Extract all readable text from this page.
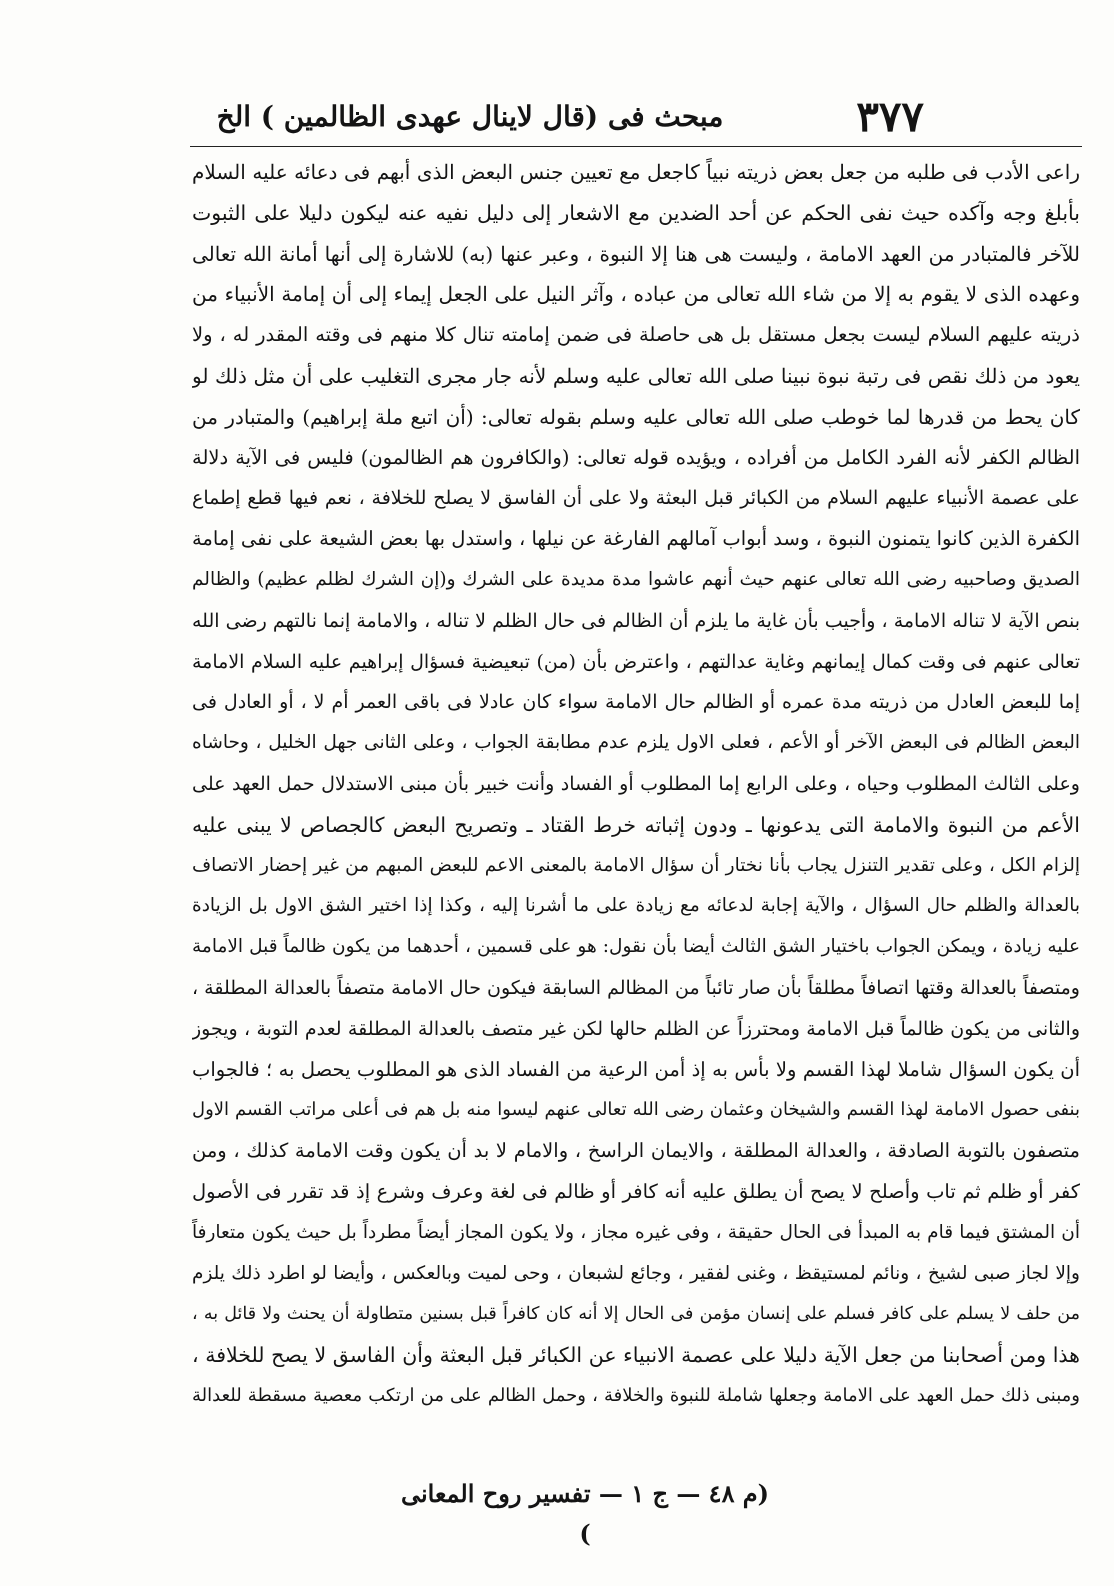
٣٧٧
مبحث فى (قال لاينال عهدى الظالمين ) الخ
راعى الأدب فى طلبه من جعل بعض ذريته نبياً كاجعل مع تعيين جنس البعض الذى أبهم فى دعائه عليه السلام
بأبلغ وجه وآكده حيث نفى الحكم عن أحد الضدين مع الاشعار إلى دليل نفيه عنه ليكون دليلا على الثبوت
للآخر فالمتبادر من العهد الامامة ، وليست هى هنا إلا النبوة ، وعبر عنها (به) للاشارة إلى أنها أمانة الله تعالى
وعهده الذى لا يقوم به إلا من شاء الله تعالى من عباده ، وآثر النيل على الجعل إيماء إلى أن إمامة الأنبياء من
ذريته عليهم السلام ليست بجعل مستقل بل هى حاصلة فى ضمن إمامته تنال كلا منهم فى وقته المقدر له ، ولا
يعود من ذلك نقص فى رتبة نبوة نبينا صلى الله تعالى عليه وسلم لأنه جار مجرى التغليب على أن مثل ذلك لو
كان يحط من قدرها لما خوطب صلى الله تعالى عليه وسلم بقوله تعالى: (أن اتبع ملة إبراهيم) والمتبادر من
الظالم الكفر لأنه الفرد الكامل من أفراده ، ويؤيده قوله تعالى: (والكافرون هم الظالمون) فليس فى الآية دلالة
على عصمة الأنبياء عليهم السلام من الكبائر قبل البعثة ولا على أن الفاسق لا يصلح للخلافة ، نعم فيها قطع إطماع
الكفرة الذين كانوا يتمنون النبوة ، وسد أبواب آمالهم الفارغة عن نيلها ، واستدل بها بعض الشيعة على نفى إمامة
الصديق وصاحبيه رضى الله تعالى عنهم حيث أنهم عاشوا مدة مديدة على الشرك و(إن الشرك لظلم عظيم) والظالم
بنص الآية لا تناله الامامة ، وأجيب بأن غاية ما يلزم أن الظالم فى حال الظلم لا تناله ، والامامة إنما نالتهم رضى الله
تعالى عنهم فى وقت كمال إيمانهم وغاية عدالتهم ، واعترض بأن (من) تبعيضية فسؤال إبراهيم عليه السلام الامامة
إما للبعض العادل من ذريته مدة عمره أو الظالم حال الامامة سواء كان عادلا فى باقى العمر أم لا ، أو العادل فى
البعض الظالم فى البعض الآخر أو الأعم ، فعلى الاول يلزم عدم مطابقة الجواب ، وعلى الثانى جهل الخليل ، وحاشاه
وعلى الثالث المطلوب وحياه ، وعلى الرابع إما المطلوب أو الفساد وأنت خبير بأن مبنى الاستدلال حمل العهد على
الأعم من النبوة والامامة التى يدعونها ـ ودون إثباته خرط القتاد ـ وتصريح البعض كالجصاص لا يبنى عليه
إلزام الكل ، وعلى تقدير التنزل يجاب بأنا نختار أن سؤال الامامة بالمعنى الاعم للبعض المبهم من غير إحضار الاتصاف
بالعدالة والظلم حال السؤال ، والآية إجابة لدعائه مع زيادة على ما أشرنا إليه ، وكذا إذا اختير الشق الاول بل الزيادة
عليه زيادة ، ويمكن الجواب باختيار الشق الثالث أيضا بأن نقول: هو على قسمين ، أحدهما من يكون ظالماً قبل الامامة
ومتصفاً بالعدالة وقتها اتصافاً مطلقاً بأن صار تائباً من المظالم السابقة فيكون حال الامامة متصفاً بالعدالة المطلقة ،
والثانى من يكون ظالماً قبل الامامة ومحترزاً عن الظلم حالها لكن غير متصف بالعدالة المطلقة لعدم التوبة ، ويجوز
أن يكون السؤال شاملا لهذا القسم ولا بأس به إذ أمن الرعية من الفساد الذى هو المطلوب يحصل به ؛ فالجواب
بنفى حصول الامامة لهذا القسم والشيخان وعثمان رضى الله تعالى عنهم ليسوا منه بل هم فى أعلى مراتب القسم الاول
متصفون بالتوبة الصادقة ، والعدالة المطلقة ، والايمان الراسخ ، والامام لا بد أن يكون وقت الامامة كذلك ، ومن
كفر أو ظلم ثم تاب وأصلح لا يصح أن يطلق عليه أنه كافر أو ظالم فى لغة وعرف وشرع إذ قد تقرر فى الأصول
أن المشتق فيما قام به المبدأ فى الحال حقيقة ، وفى غيره مجاز ، ولا يكون المجاز أيضاً مطرداً بل حيث يكون متعارفاً
وإلا لجاز صبى لشيخ ، ونائم لمستيقظ ، وغنى لفقير ، وجائع لشبعان ، وحى لميت وبالعكس ، وأيضا لو اطرد ذلك يلزم
من حلف لا يسلم على كافر فسلم على إنسان مؤمن فى الحال إلا أنه كان كافراً قبل بسنين متطاولة أن يحنث ولا قائل به ،
هذا ومن أصحابنا من جعل الآية دليلا على عصمة الانبياء عن الكبائر قبل البعثة وأن الفاسق لا يصح للخلافة ،
ومبنى ذلك حمل العهد على الامامة وجعلها شاملة للنبوة والخلافة ، وحمل الظالم على من ارتكب معصية مسقطة للعدالة
(م ٤٨ — ج ١ — تفسير روح المعانى )
